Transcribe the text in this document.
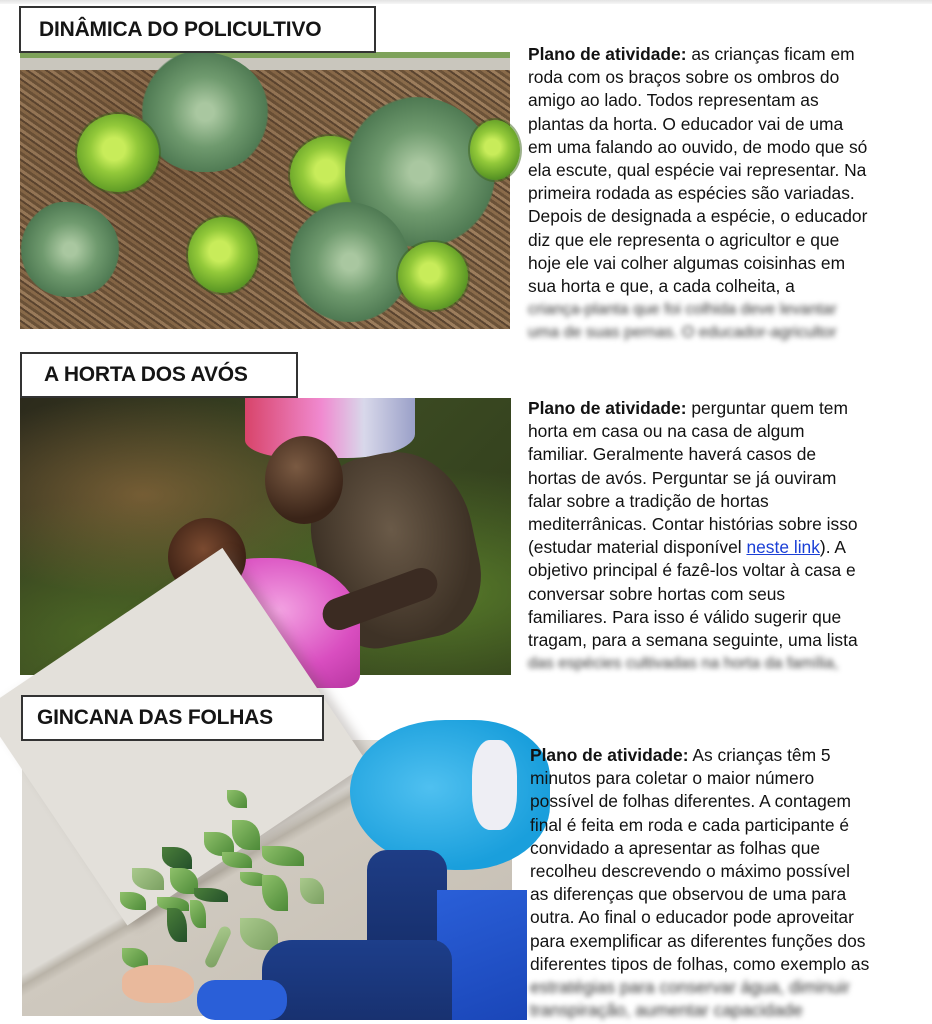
DINÂMICA DO POLICULTIVO
Plano de atividade: as crianças ficam em
roda com os braços sobre os ombros do
amigo ao lado. Todos representam as
plantas da horta. O educador vai de uma
em uma falando ao ouvido, de modo que só
ela escute, qual espécie vai representar. Na
primeira rodada as espécies são variadas.
Depois de designada a espécie, o educador
diz que ele representa o agricultor e que
hoje ele vai colher algumas coisinhas em
sua horta e que, a cada colheita, a
criança-planta que foi colhida deve levantar
uma de suas pernas. O educador-agricultor
A HORTA DOS AVÓS
Plano de atividade: perguntar quem tem
horta em casa ou na casa de algum
familiar. Geralmente haverá casos de
hortas de avós. Perguntar se já ouviram
falar sobre a tradição de hortas
mediterrânicas. Contar histórias sobre isso
(estudar material disponível neste link). A
objetivo principal é fazê-los voltar à casa e
conversar sobre hortas com seus
familiares. Para isso é válido sugerir que
tragam, para a semana seguinte, uma lista
das espécies cultivadas na horta da família,
GINCANA DAS FOLHAS
Plano de atividade: As crianças têm 5
minutos para coletar o maior número
possível de folhas diferentes. A contagem
final é feita em roda e cada participante é
convidado a apresentar as folhas que
recolheu descrevendo o máximo possível
as diferenças que observou de uma para
outra. Ao final o educador pode aproveitar
para exemplificar as diferentes funções dos
diferentes tipos de folhas, como exemplo as
estratégias para conservar água, diminuir
transpiração, aumentar capacidade
